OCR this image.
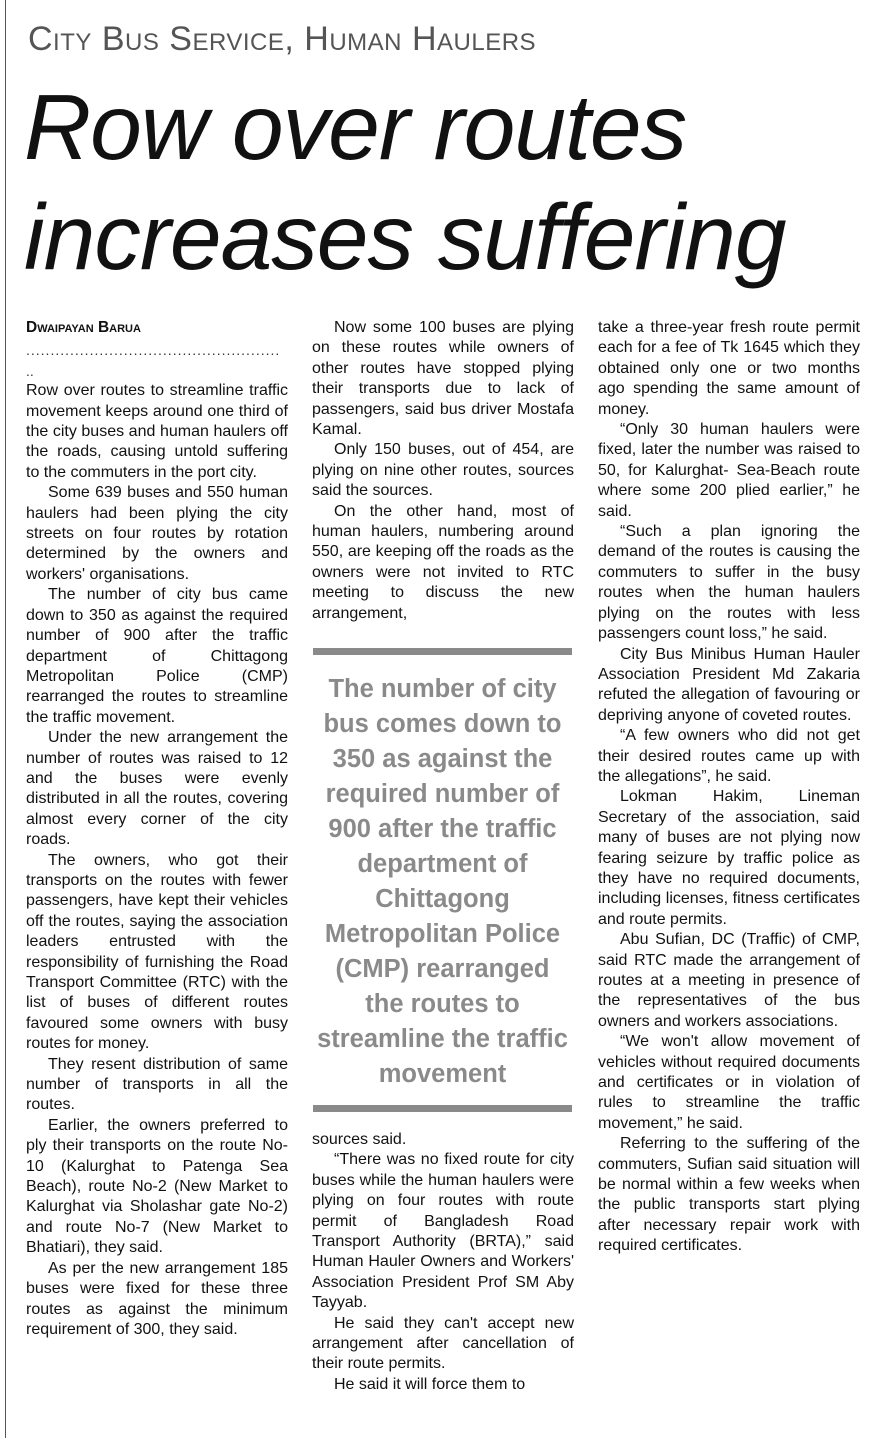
City Bus Service, Human Haulers
Row over routes increases suffering
Dwaipayan Barua
....................................................
..

Row over routes to streamline traffic movement keeps around one third of the city buses and human haulers off the roads, causing untold suffering to the commuters in the port city.

Some 639 buses and 550 human haulers had been plying the city streets on four routes by rotation determined by the owners and workers' organisations.

The number of city bus came down to 350 as against the required number of 900 after the traffic department of Chittagong Metropolitan Police (CMP) rearranged the routes to streamline the traffic movement.

Under the new arrangement the number of routes was raised to 12 and the buses were evenly distributed in all the routes, covering almost every corner of the city roads.

The owners, who got their transports on the routes with fewer passengers, have kept their vehicles off the routes, saying the association leaders entrusted with the responsibility of furnishing the Road Transport Committee (RTC) with the list of buses of different routes favoured some owners with busy routes for money.

They resent distribution of same number of transports in all the routes.

Earlier, the owners preferred to ply their transports on the route No-10 (Kalurghat to Patenga Sea Beach), route No-2 (New Market to Kalurghat via Sholashar gate No-2) and route No-7 (New Market to Bhatiari), they said.

As per the new arrangement 185 buses were fixed for these three routes as against the minimum requirement of 300, they said.

Now some 100 buses are plying on these routes while owners of other routes have stopped plying their transports due to lack of passengers, said bus driver Mostafa Kamal.

Only 150 buses, out of 454, are plying on nine other routes, sources said the sources.

On the other hand, most of human haulers, numbering around 550, are keeping off the roads as the owners were not invited to RTC meeting to discuss the new arrangement,

The number of city bus comes down to 350 as against the required number of 900 after the traffic department of Chittagong Metropolitan Police (CMP) rearranged the routes to streamline the traffic movement

sources said.

“There was no fixed route for city buses while the human haulers were plying on four routes with route permit of Bangladesh Road Transport Authority (BRTA),” said Human Hauler Owners and Workers' Association President Prof SM Aby Tayyab.

He said they can't accept new arrangement after cancellation of their route permits.

He said it will force them to

take a three-year fresh route permit each for a fee of Tk 1645 which they obtained only one or two months ago spending the same amount of money.

“Only 30 human haulers were fixed, later the number was raised to 50, for Kalurghat- Sea-Beach route where some 200 plied earlier,” he said.

“Such a plan ignoring the demand of the routes is causing the commuters to suffer in the busy routes when the human haulers plying on the routes with less passengers count loss,” he said.

City Bus Minibus Human Hauler Association President Md Zakaria refuted the allegation of favouring or depriving anyone of coveted routes.

“A few owners who did not get their desired routes came up with the allegations”, he said.

Lokman Hakim, Lineman Secretary of the association, said many of buses are not plying now fearing seizure by traffic police as they have no required documents, including licenses, fitness certificates and route permits.

Abu Sufian, DC (Traffic) of CMP, said RTC made the arrangement of routes at a meeting in presence of the representatives of the bus owners and workers associations.

“We won't allow movement of vehicles without required documents and certificates or in violation of rules to streamline the traffic movement,” he said.

Referring to the suffering of the commuters, Sufian said situation will be normal within a few weeks when the public transports start plying after necessary repair work with required certificates.
